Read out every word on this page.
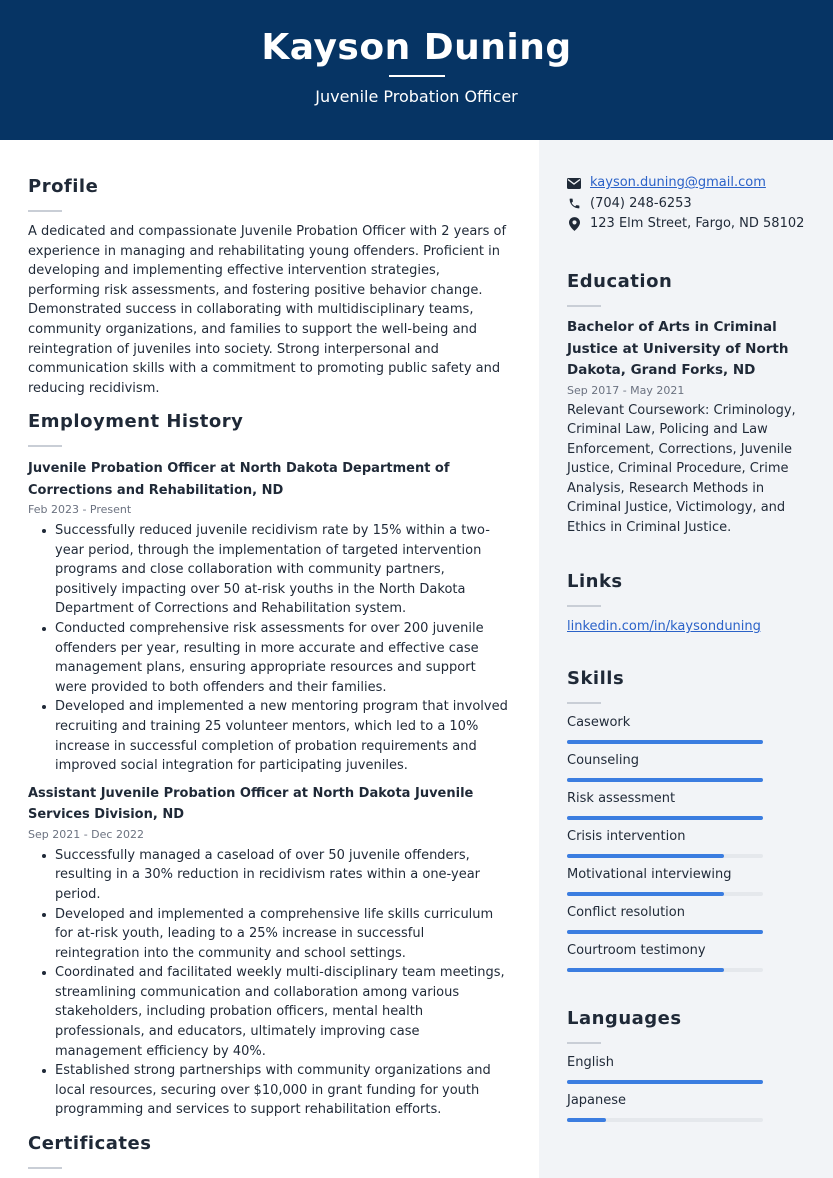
Kayson Duning
Juvenile Probation Officer
Profile
A dedicated and compassionate Juvenile Probation Officer with 2 years of experience in managing and rehabilitating young offenders. Proficient in developing and implementing effective intervention strategies, performing risk assessments, and fostering positive behavior change. Demonstrated success in collaborating with multidisciplinary teams, community organizations, and families to support the well-being and reintegration of juveniles into society. Strong interpersonal and communication skills with a commitment to promoting public safety and reducing recidivism.
Employment History
Juvenile Probation Officer at North Dakota Department of Corrections and Rehabilitation, ND
Feb 2023 - Present
Successfully reduced juvenile recidivism rate by 15% within a two-year period, through the implementation of targeted intervention programs and close collaboration with community partners, positively impacting over 50 at-risk youths in the North Dakota Department of Corrections and Rehabilitation system.
Conducted comprehensive risk assessments for over 200 juvenile offenders per year, resulting in more accurate and effective case management plans, ensuring appropriate resources and support were provided to both offenders and their families.
Developed and implemented a new mentoring program that involved recruiting and training 25 volunteer mentors, which led to a 10% increase in successful completion of probation requirements and improved social integration for participating juveniles.
Assistant Juvenile Probation Officer at North Dakota Juvenile Services Division, ND
Sep 2021 - Dec 2022
Successfully managed a caseload of over 50 juvenile offenders, resulting in a 30% reduction in recidivism rates within a one-year period.
Developed and implemented a comprehensive life skills curriculum for at-risk youth, leading to a 25% increase in successful reintegration into the community and school settings.
Coordinated and facilitated weekly multi-disciplinary team meetings, streamlining communication and collaboration among various stakeholders, including probation officers, mental health professionals, and educators, ultimately improving case management efficiency by 40%.
Established strong partnerships with community organizations and local resources, securing over $10,000 in grant funding for youth programming and services to support rehabilitation efforts.
Certificates
kayson.duning@gmail.com
(704) 248-6253
123 Elm Street, Fargo, ND 58102
Education
Bachelor of Arts in Criminal Justice at University of North Dakota, Grand Forks, ND
Sep 2017 - May 2021
Relevant Coursework: Criminology, Criminal Law, Policing and Law Enforcement, Corrections, Juvenile Justice, Criminal Procedure, Crime Analysis, Research Methods in Criminal Justice, Victimology, and Ethics in Criminal Justice.
Links
linkedin.com/in/kaysonduning
Skills
Casework
Counseling
Risk assessment
Crisis intervention
Motivational interviewing
Conflict resolution
Courtroom testimony
Languages
English
Japanese
